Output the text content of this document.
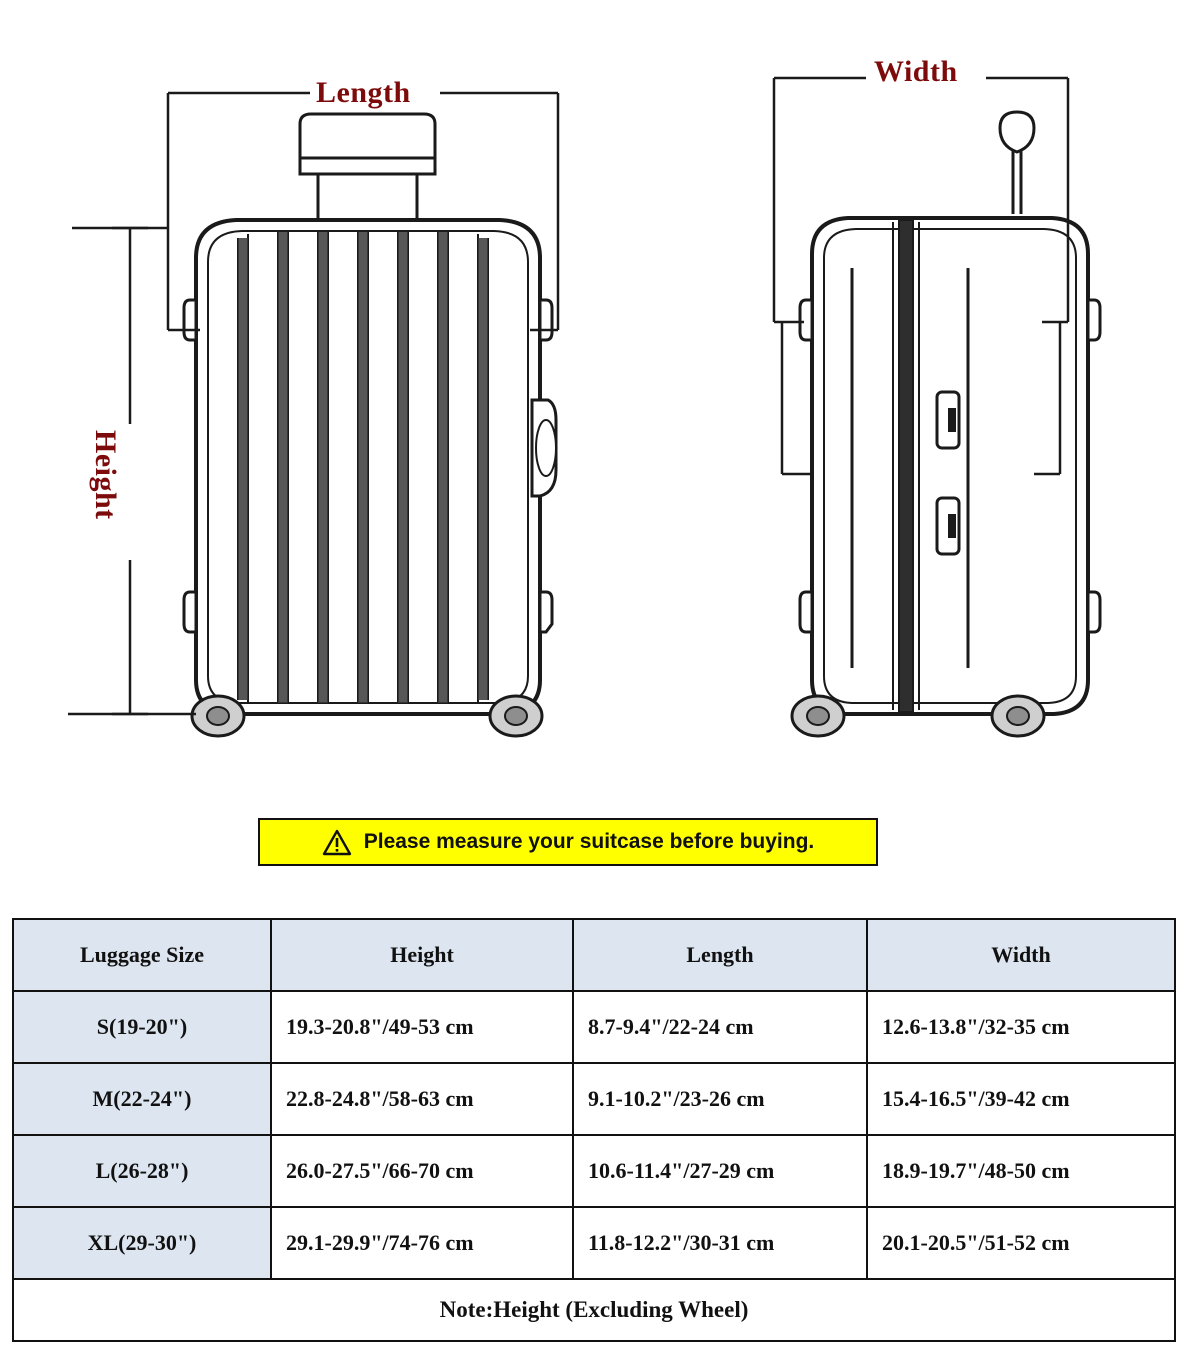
Length
Width
Height
Please measure your suitcase before buying.
Luggage Size	Height	Length	Width
S(19-20")	19.3-20.8"/49-53 cm	8.7-9.4"/22-24 cm	12.6-13.8"/32-35 cm
M(22-24")	22.8-24.8"/58-63 cm	9.1-10.2"/23-26 cm	15.4-16.5"/39-42 cm
L(26-28")	26.0-27.5"/66-70 cm	10.6-11.4"/27-29 cm	18.9-19.7"/48-50 cm
XL(29-30")	29.1-29.9"/74-76 cm	11.8-12.2"/30-31 cm	20.1-20.5"/51-52 cm
Note:Height (Excluding Wheel)			
